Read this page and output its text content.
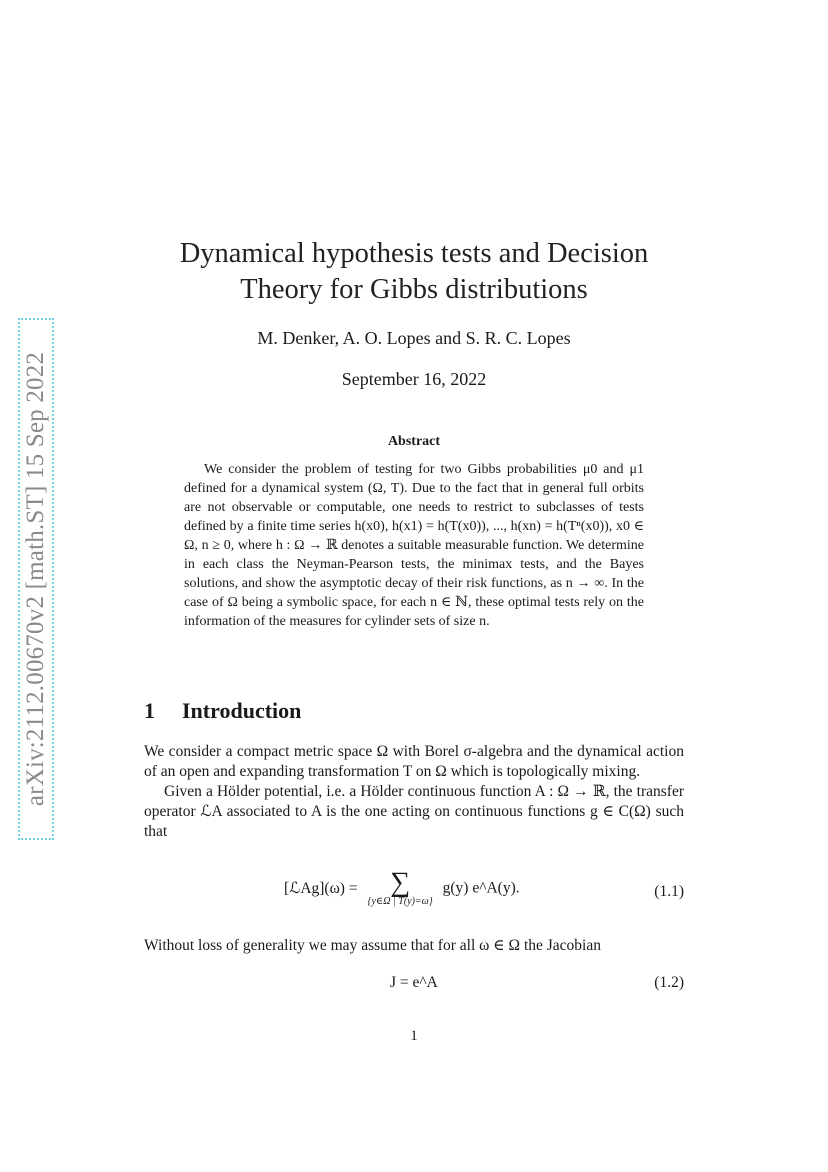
arXiv:2112.00670v2 [math.ST] 15 Sep 2022
Dynamical hypothesis tests and Decision
Theory for Gibbs distributions
M. Denker, A. O. Lopes and S. R. C. Lopes
September 16, 2022
Abstract

We consider the problem of testing for two Gibbs probabilities μ0 and μ1 defined for a dynamical system (Ω, T). Due to the fact that in general full orbits are not observable or computable, one needs to restrict to subclasses of tests defined by a finite time series h(x0), h(x1) = h(T(x0)), ..., h(xn) = h(Tⁿ(x0)), x0 ∈ Ω, n ≥ 0, where h : Ω → ℝ denotes a suitable measurable function. We determine in each class the Neyman-Pearson tests, the minimax tests, and the Bayes solutions, and show the asymptotic decay of their risk functions, as n → ∞. In the case of Ω being a symbolic space, for each n ∈ ℕ, these optimal tests rely on the information of the measures for cylinder sets of size n.

1 Introduction

We consider a compact metric space Ω with Borel σ-algebra and the dynamical action of an open and expanding transformation T on Ω which is topologically mixing.

Given a Hölder potential, i.e. a Hölder continuous function A : Ω → ℝ, the transfer operator ℒA associated to A is the one acting on continuous functions g ∈ C(Ω) such that

[ℒAg](ω) =	∑
{y∈Ω | T(y)=ω}
g(y) e^A(y).	(1.1)

Without loss of generality we may assume that for all ω ∈ Ω the Jacobian

J = e^A	(1.2)
1
